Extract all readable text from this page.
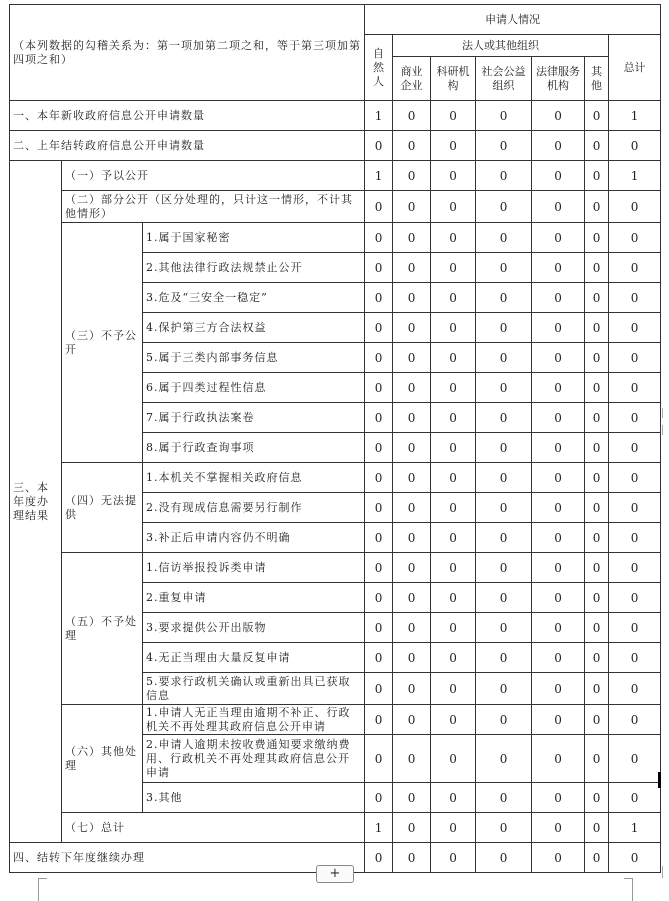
（本列数据的勾稽关系为：第一项加第二项之和，等于第三项加第四项之和）			申请人情况						
			自然人	法人或其他组织					总计
				商业企业	科研机构	社会公益组织	法律服务机构	其他	
一、本年新收政府信息公开申请数量			1	0	0	0	0	0	1
二、上年结转政府信息公开申请数量			0	0	0	0	0	0	0
三、本年度办理结果	（一）予以公开		1	0	0	0	0	0	1
	（二）部分公开（区分处理的，只计这一情形，不计其他情形）		0	0	0	0	0	0	0
	（三）不予公开	1.属于国家秘密	0	0	0	0	0	0	0
		2.其他法律行政法规禁止公开	0	0	0	0	0	0	0
		3.危及“三安全一稳定”	0	0	0	0	0	0	0
		4.保护第三方合法权益	0	0	0	0	0	0	0
		5.属于三类内部事务信息	0	0	0	0	0	0	0
		6.属于四类过程性信息	0	0	0	0	0	0	0
		7.属于行政执法案卷	0	0	0	0	0	0	0
		8.属于行政查询事项	0	0	0	0	0	0	0
	（四）无法提供	1.本机关不掌握相关政府信息	0	0	0	0	0	0	0
		2.没有现成信息需要另行制作	0	0	0	0	0	0	0
		3.补正后申请内容仍不明确	0	0	0	0	0	0	0
	（五）不予处理	1.信访举报投诉类申请	0	0	0	0	0	0	0
		2.重复申请	0	0	0	0	0	0	0
		3.要求提供公开出版物	0	0	0	0	0	0	0
		4.无正当理由大量反复申请	0	0	0	0	0	0	0
		5.要求行政机关确认或重新出具已获取信息	0	0	0	0	0	0	0
	（六）其他处理	1.申请人无正当理由逾期不补正、行政机关不再处理其政府信息公开申请	0	0	0	0	0	0	0
		2.申请人逾期未按收费通知要求缴纳费用、行政机关不再处理其政府信息公开申请	0	0	0	0	0	0	0
		3.其他	0	0	0	0	0	0	0
	（七）总计		1	0	0	0	0	0	1
四、结转下年度继续办理			0	0	0	0	0	0	0
+
